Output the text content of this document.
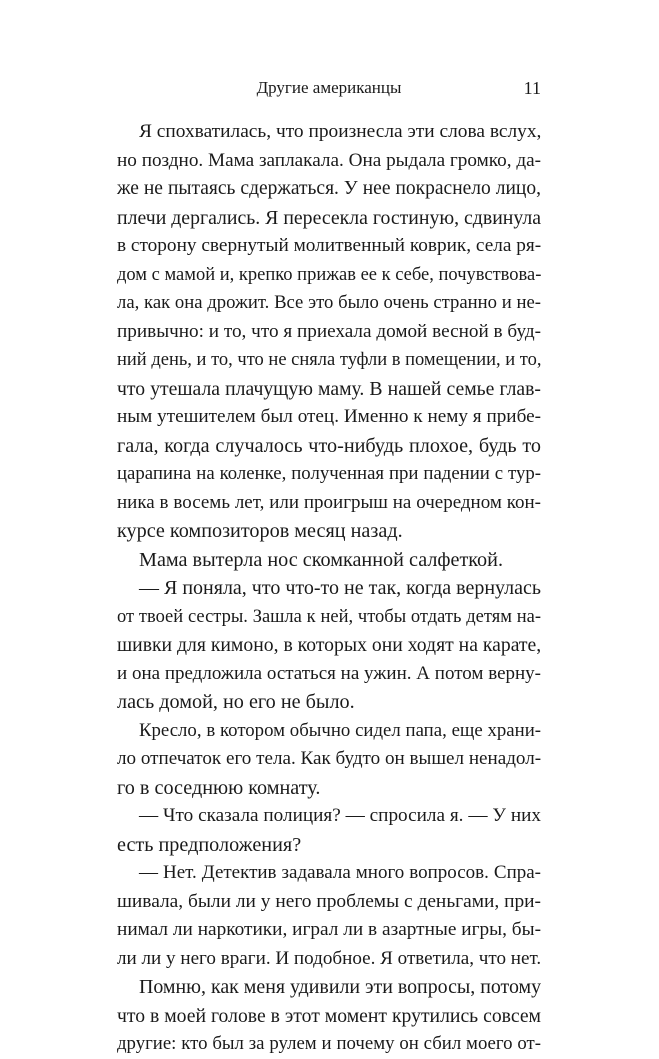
Другие американцы	11
Я спохватилась, что произнесла эти слова вслух,
но поздно. Мама заплакала. Она рыдала громко, да-
же не пытаясь сдержаться. У нее покраснело лицо,
плечи дергались. Я пересекла гостиную, сдвинула
в сторону свернутый молитвенный коврик, села ря-
дом с мамой и, крепко прижав ее к себе, почувствова-
ла, как она дрожит. Все это было очень странно и не-
привычно: и то, что я приехала домой весной в буд-
ний день, и то, что не сняла туфли в помещении, и то,
что утешала плачущую маму. В нашей семье глав-
ным утешителем был отец. Именно к нему я прибе-
гала, когда случалось что-нибудь плохое, будь то
царапина на коленке, полученная при падении с тур-
ника в восемь лет, или проигрыш на очередном кон-
курсе композиторов месяц назад.
Мама вытерла нос скомканной салфеткой.
— Я поняла, что что-то не так, когда вернулась
от твоей сестры. Зашла к ней, чтобы отдать детям на-
шивки для кимоно, в которых они ходят на карате,
и она предложила остаться на ужин. А потом верну-
лась домой, но его не было.
Кресло, в котором обычно сидел папа, еще храни-
ло отпечаток его тела. Как будто он вышел ненадол-
го в соседнюю комнату.
— Что сказала полиция? — спросила я. — У них
есть предположения?
— Нет. Детектив задавала много вопросов. Спра-
шивала, были ли у него проблемы с деньгами, при-
нимал ли наркотики, играл ли в азартные игры, бы-
ли ли у него враги. И подобное. Я ответила, что нет.
Помню, как меня удивили эти вопросы, потому
что в моей голове в этот момент крутились совсем
другие: кто был за рулем и почему он сбил моего от-
